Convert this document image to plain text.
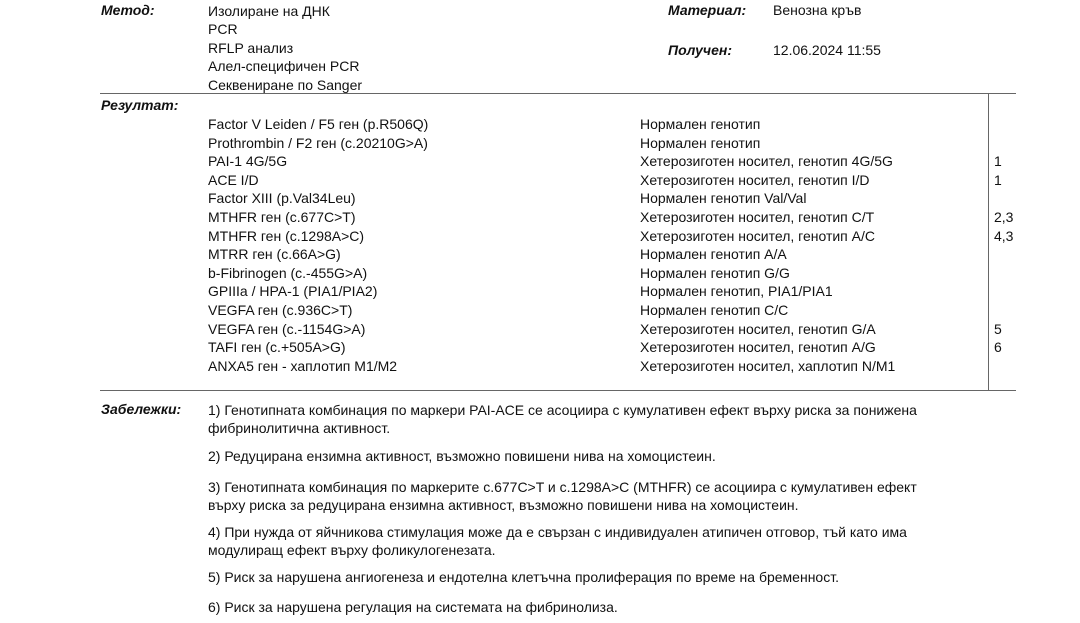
Метод:	Изолиране на ДНК
PCR
RFLP анализ
Алел-специфичен PCR
Секвениране по Sanger
Материал: Венозна кръв
Получен:	12.06.2024 11:55
Резултат:
Factor V Leiden / F5 ген (p.R506Q)	Нормален генотип
Prothrombin / F2 ген (c.20210G>A)	Нормален генотип
PAI-1 4G/5G	Хетерозиготен носител, генотип 4G/5G	1
ACE I/D	Хетерозиготен носител, генотип I/D	1
Factor XIII (p.Val34Leu)	Нормален генотип Val/Val
MTHFR ген (c.677C>T)	Хетерозиготен носител, генотип C/T	2,3
MTHFR ген (c.1298A>C)	Хетерозиготен носител, генотип A/C	4,3
MTRR ген (c.66A>G)	Нормален генотип A/A
b-Fibrinogen (c.-455G>A)	Нормален генотип G/G
GPIIIa / HPA-1 (PIA1/PIA2)	Нормален генотип, PIA1/PIA1
VEGFA ген (c.936C>T)	Нормален генотип C/C
VEGFA ген (c.-1154G>A)	Хетерозиготен носител, генотип G/A	5
TAFI ген (c.+505A>G)	Хетерозиготен носител, генотип A/G	6
ANXA5 ген - хаплотип M1/M2	Хетерозиготен носител, хаплотип N/M1
Забележки: 1) Генотипната комбинация по маркери PAI-ACE се асоциира с кумулативен ефект върху риска за понижена
фибринолитична активност.

2) Редуцирана ензимна активност, възможно повишени нива на хомоцистеин.

3) Генотипната комбинация по маркерите c.677C>T и c.1298A>C (MTHFR) се асоциира с кумулативен ефект
върху риска за редуцирана ензимна активност, възможно повишени нива на хомоцистеин.

4) При нужда от яйчникова стимулация може да е свързан с индивидуален атипичен отговор, тъй като има
модулиращ ефект върху фоликулогенезата.

5) Риск за нарушена ангиогенеза и ендотелна клетъчна пролиферация по време на бременност.

6) Риск за нарушена регулация на системата на фибринолиза.
